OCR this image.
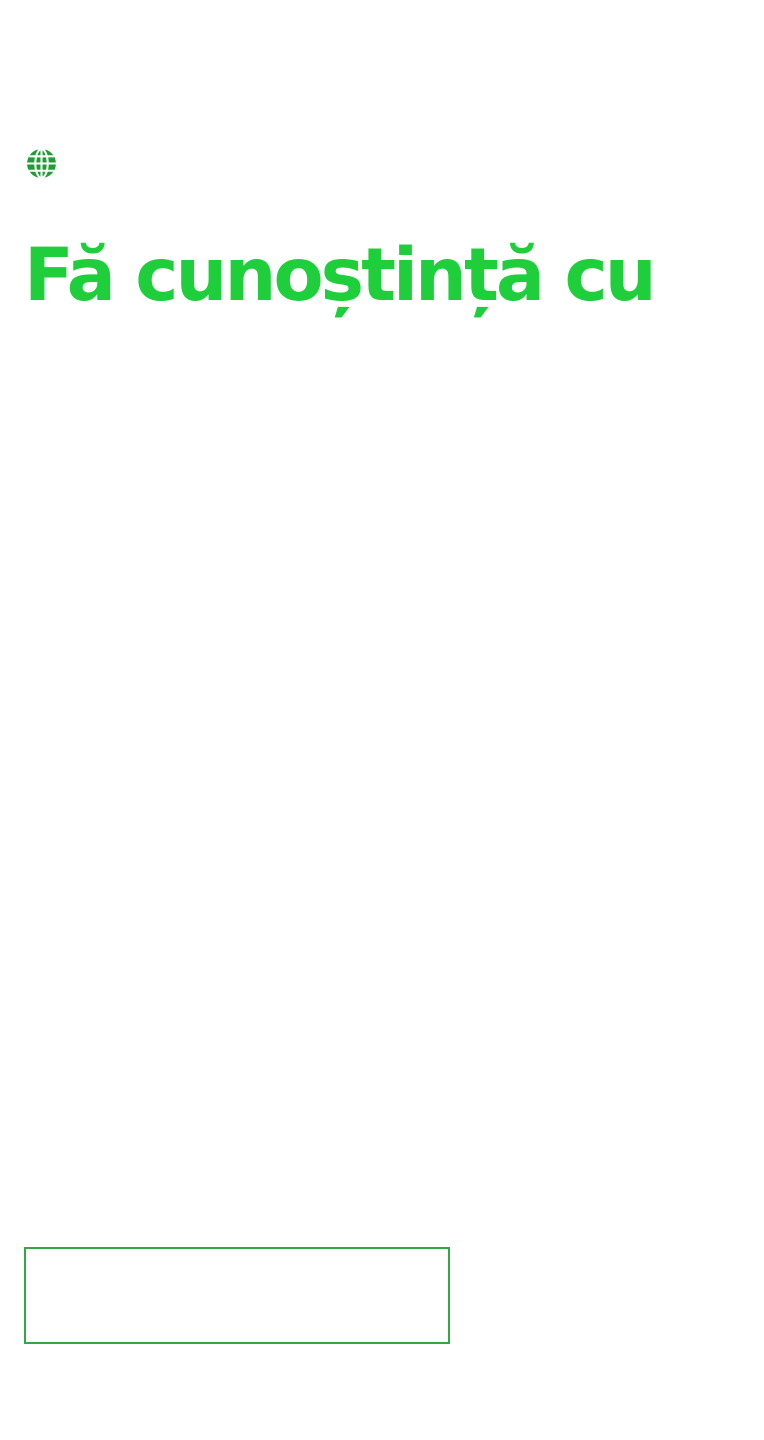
Fă cunoștință cu
